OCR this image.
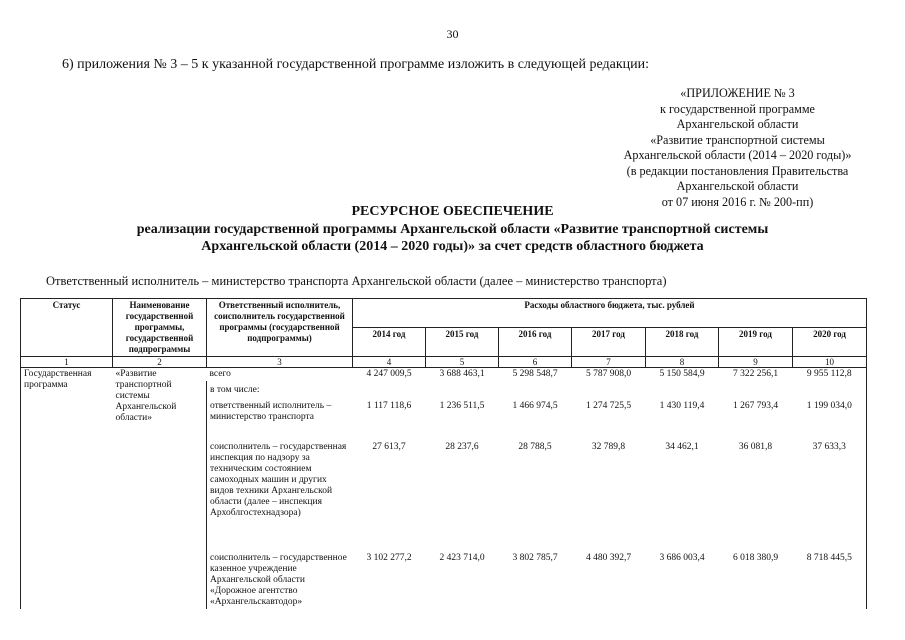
30
6) приложения № 3 – 5 к указанной государственной программе изложить в следующей редакции:
«ПРИЛОЖЕНИЕ № 3
к государственной программе
Архангельской области
«Развитие транспортной системы
Архангельской области (2014 – 2020 годы)»
(в редакции постановления Правительства
Архангельской области
от 07 июня 2016 г. № 200-пп)
РЕСУРСНОЕ ОБЕСПЕЧЕНИЕ
реализации государственной программы Архангельской области «Развитие транспортной системы
Архангельской области (2014 – 2020 годы)» за счет средств областного бюджета
Ответственный исполнитель – министерство транспорта Архангельской области (далее – министерство транспорта)
Статус	Наименование государственной программы, государственной подпрограммы	Ответственный исполнитель, соисполнитель государственной программы (государственной подпрограммы)	Расходы областного бюджета, тыс. рублей						
			2014 год	2015 год	2016 год	2017 год	2018 год	2019 год	2020 год
1	2	3	4	5	6	7	8	9	10
Государственная программа	«Развитие транспортной системы Архангельской области»	всего	4 247 009,5	3 688 463,1	5 298 548,7	5 787 908,0	5 150 584,9	7 322 256,1	9 955 112,8
		в том числе:							
		ответственный исполнитель – министерство транспорта	1 117 118,6	1 236 511,5	1 466 974,5	1 274 725,5	1 430 119,4	1 267 793,4	1 199 034,0
		соисполнитель – государственная инспекция по надзору за техническим состоянием самоходных машин и других видов техники Архангельской области (далее – инспекция Архоблгостехнадзора)	27 613,7	28 237,6	28 788,5	32 789,8	34 462,1	36 081,8	37 633,3
		соисполнитель – государственное казенное учреждение Архангельской области «Дорожное агентство «Архангельскавтодор»	3 102 277,2	2 423 714,0	3 802 785,7	4 480 392,7	3 686 003,4	6 018 380,9	8 718 445,5
